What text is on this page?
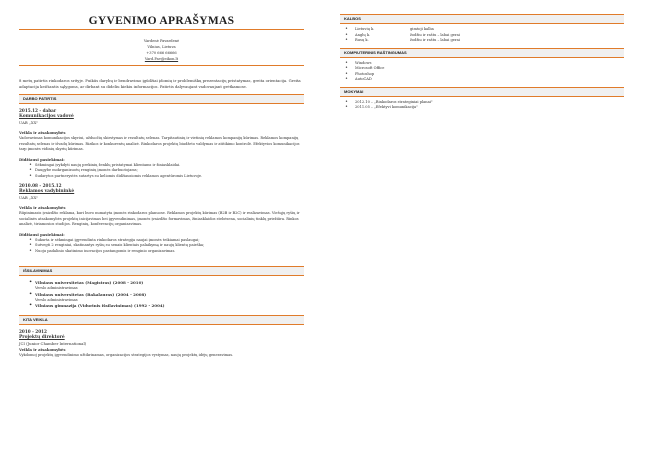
GYVENIMO APRAŠYMAS
Vardenė Pavardenė
Vilnius, Lietuva
+370 666 66666
Vard.Pav@eikon.lt
8 metų patirtis rinkodaros srityje. Puikūs darybų ir bendravimo įgūdžiai įdomių ir problemiškų prezentacijų pristatymas, greita orientacija. Greita adaptacija keičiantis sąlygoms, ar dirbant su dideliu kiekiu informacijos. Patirtis dalyvaujant vadovaujant grėtkamose.
DARBO PATIRTIS
2015.12 - dabar
Komunikacijos vadovė
UAB „XX"
Veikla ir atsakomybės
Vadovavimas komunikacijos skyriui, užduočių skirstymas ir rezultatų selenas. Tarpitautinių ir vietinių reklamos kompanijų kūrimas. Reklamos kompanijų rezultatų selenas ir išvadų kūrimas. Rizikos ir konkurentų analizė. Rinkodaros projektų biudžeto valdymas ir atitikimo kontrolė. Efektyvios komunikacijos tarp įmonės vidinių skyrių kūrimas.
Didžiausi pasiekimai:
• Sėkmingai įvykdyti naujų prekinių ženklų pristatymai klientams ir žiniasklaidai.
• Daugybe mokrganizuotų renginių įmonės darbuotojams;
• Sudarytos partnerystės sutartys su keliomis didžiausiomis reklamos agentūromis Lietuvoje.
2010.08 - 2015.12
Reklamos vadybininkė
UAB „XX"
Veikla ir atsakomybės
Rūpinimasis įvaizdžio reklama, kuri buvo numatyta įmonės rinkodaros planuose. Reklamos projektų kūrimas (B2B ir B2C) ir realizavimas. Viešųjų ryšių ir socialinės atsakomybės projektų inicijavimas bei įgyvendinimas, įmonės įvaizdžio formavimas, žiniasklaidos stebėsena, socialinių tinklų priežiūra. Rinkos analizė, tiriamosios studijos. Renginių, konferencijų organizavimas.
Didžiausi pasiekimai:
• Sukurta ir sėkmingai įgyvendinta rinkodaros strategija naujai įmonės teikiamai paslaugai;
• Sutvegti 2 renginiai, skatinantys ryšių su senais klientais palaikymą ir naujų klientų paieška;
• Nuoju padalinio skatinimo inovacijos pastangomis ir renginio organizavimas.
IŠSILAVINIMAS
• Vilniaus universitetas (Magistras) (2008 - 2010)
Verslo administravimas
• Vilniaus universitetas (Bakalauras) (2004 - 2008)
Verslo administravimas
• Vilniaus gimnazija (Vidurinis išsilavinimas) (1992 - 2004)
KITA VEIKLA
2010 - 2012
Projektų direktorė
JCI (Junior Chamber International)
Veikla ir atsakomybės
Vykdomoj projektų įgyvendinimo užtikrinamas, organizacijos strategijos vystymas, naujų projektų idėjų generavimas.
KALBOS
•	Lietuvių k.	gimtoji kalba
•	Anglų k.	žodžiu ir raštu – labai gerai
•	Rusų k.	žodžiu ir raštu – labai gerai
KOMPIUTERINIS RAŠTINGUMAS
• Windows
• Microsoft Office
• Photoshop
• AutoCAD
MOKYMAI
• 2012.10 – „Rinkodaros strateginiai planai"
• 2011.05 – „Efektyvi komunikacija"
